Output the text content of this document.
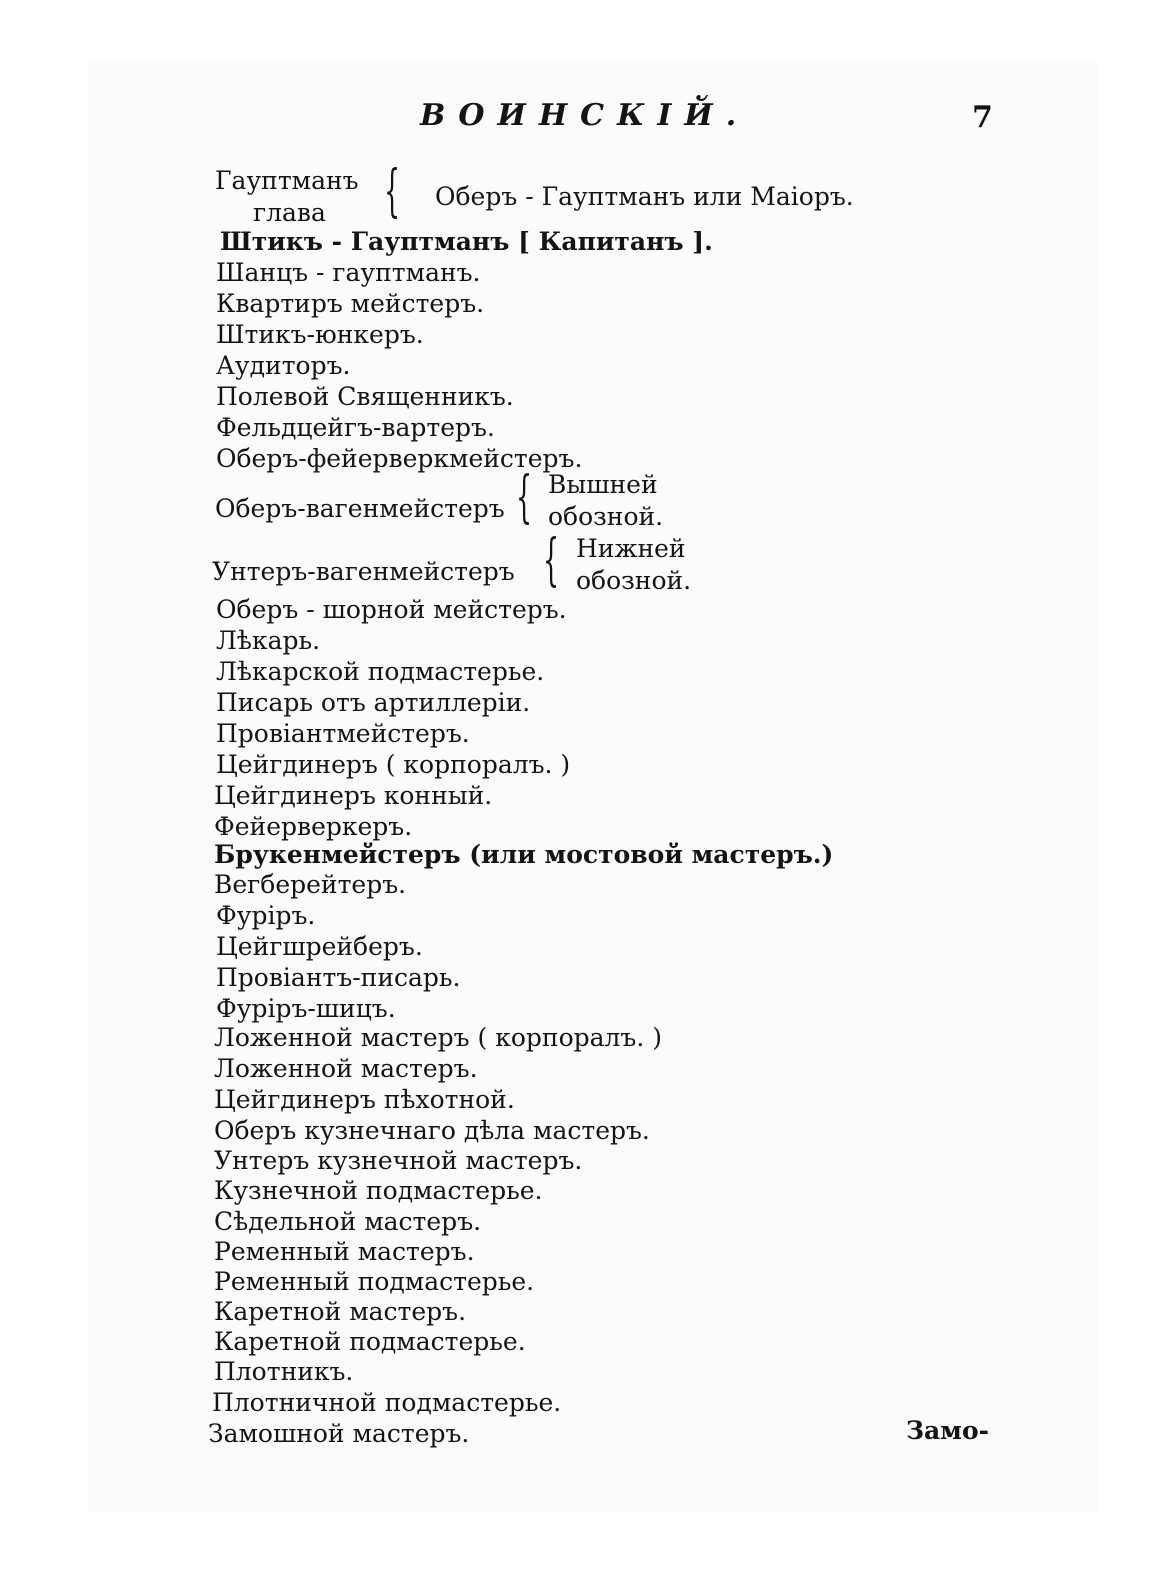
ВОИНСКIЙ.	7
Гауптманъ
глава { Оберъ - Гауптманъ или Маiоръ.
Штикъ - Гауптманъ [ Капитанъ ].
Шанцъ - гауптманъ.
Квартиръ мейстеръ.
Штикъ-юнкеръ.
Аудиторъ.
Полевой Священникъ.
Фельдцейгъ-вартеръ.
Оберъ-фейерверкмейстеръ.
Оберъ - шорной мейстеръ.
Лѣкарь.
Лѣкарской подмастерье.
Писарь отъ артиллерiи.
Провiантмейстеръ.
Цейгдинеръ ( корпоралъ. )
Цейгдинеръ конный.
Фейерверкеръ.
Брукенмейстеръ (или мостовой мастеръ.)
Вегберейтеръ.
Фурiръ.
Цейгшрейберъ.
Провiантъ-писарь.
Фурiръ-шицъ.
Ложенной мастеръ ( корпоралъ. )
Ложенной мастеръ.
Цейгдинеръ пѣхотной.
Оберъ кузнечнаго дѣла мастеръ.
Унтеръ кузнечной мастеръ.
Кузнечной подмастерье.
Сѣдельной мастеръ.
Ременный мастеръ.
Ременный подмастерье.
Каретной мастеръ.
Каретной подмастерье.
Плотникъ.
Плотничной подмастерье.
Замошной мастеръ.
Оберъ-вагенмейстеръ { Вышней
обозной.
Унтеръ-вагенмейстеръ { Нижней
обозной.
Замо-
